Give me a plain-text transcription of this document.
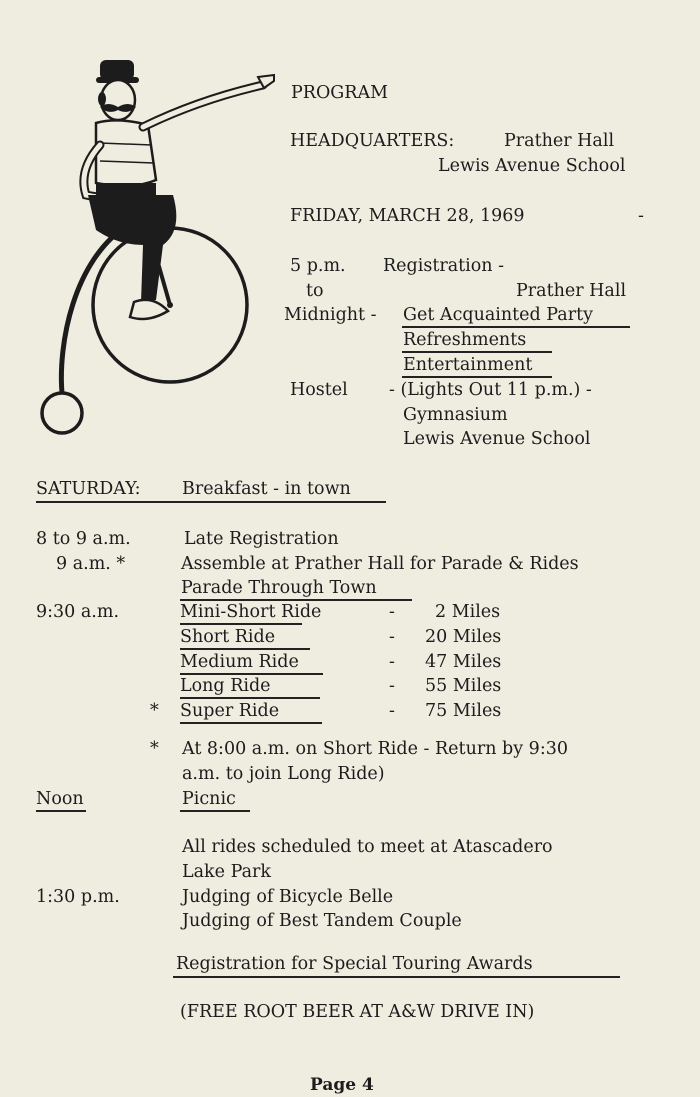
PROGRAM
HEADQUARTERS:	Prather Hall
Lewis Avenue School
FRIDAY, MARCH 28, 1969	-
5 p.m. Registration -
to	Prather Hall
Midnight - Get Acquainted Party
Refreshments
Entertainment
Hostel - (Lights Out 11 p.m.) -
Gymnasium
Lewis Avenue School
SATURDAY: Breakfast - in town
8 to 9 a.m.	Late Registration
9 a.m. *	Assemble at Prather Hall for Parade & Rides
Parade Through Town
9:30 a.m.	Mini-Short Ride	- 2 Miles
Short Ride	- 20 Miles
Medium Ride	- 47 Miles
Long Ride	- 55 Miles
* Super Ride	- 75 Miles
* At 8:00 a.m. on Short Ride - Return by 9:30
a.m. to join Long Ride)
Noon	Picnic
All rides scheduled to meet at Atascadero
Lake Park
1:30 p.m.	Judging of Bicycle Belle
Judging of Best Tandem Couple
Registration for Special Touring Awards
(FREE ROOT BEER AT A&W DRIVE IN)
Page 4
